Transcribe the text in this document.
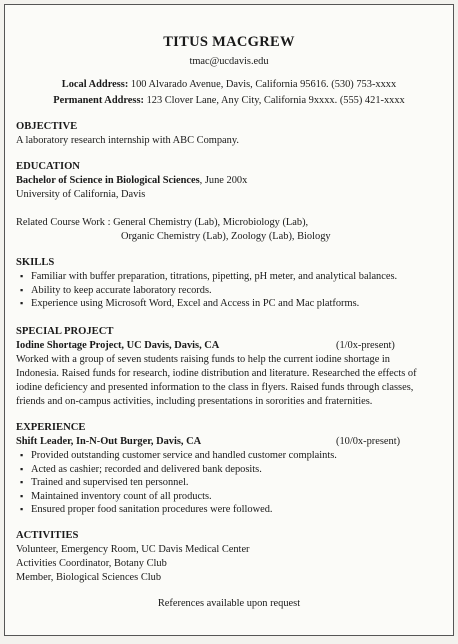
TITUS MACGREW
tmac@ucdavis.edu
Local Address: 100 Alvarado Avenue, Davis, California 95616. (530) 753-xxxx
Permanent Address: 123 Clover Lane, Any City, California 9xxxx. (555) 421-xxxx
OBJECTIVE
A laboratory research internship with ABC Company.
EDUCATION
Bachelor of Science in Biological Sciences, June 200x
University of California, Davis
Related Course Work : General Chemistry (Lab), Microbiology (Lab),
Organic Chemistry (Lab), Zoology (Lab), Biology
SKILLS
▪ Familiar with buffer preparation, titrations, pipetting, pH meter, and analytical balances.
▪ Ability to keep accurate laboratory records.
▪ Experience using Microsoft Word, Excel and Access in PC and Mac platforms.
SPECIAL PROJECT
Iodine Shortage Project, UC Davis, Davis, CA	(1/0x-present)
Worked with a group of seven students raising funds to help the current iodine shortage in
Indonesia. Raised funds for research, iodine distribution and literature. Researched the effects of
iodine deficiency and presented information to the class in flyers. Raised funds through classes,
friends and on-campus activities, including presentations in sororities and fraternities.
EXPERIENCE
Shift Leader, In-N-Out Burger, Davis, CA	(10/0x-present)
▪ Provided outstanding customer service and handled customer complaints.
▪ Acted as cashier; recorded and delivered bank deposits.
▪ Trained and supervised ten personnel.
▪ Maintained inventory count of all products.
▪ Ensured proper food sanitation procedures were followed.
ACTIVITIES
Volunteer, Emergency Room, UC Davis Medical Center
Activities Coordinator, Botany Club
Member, Biological Sciences Club
References available upon request
